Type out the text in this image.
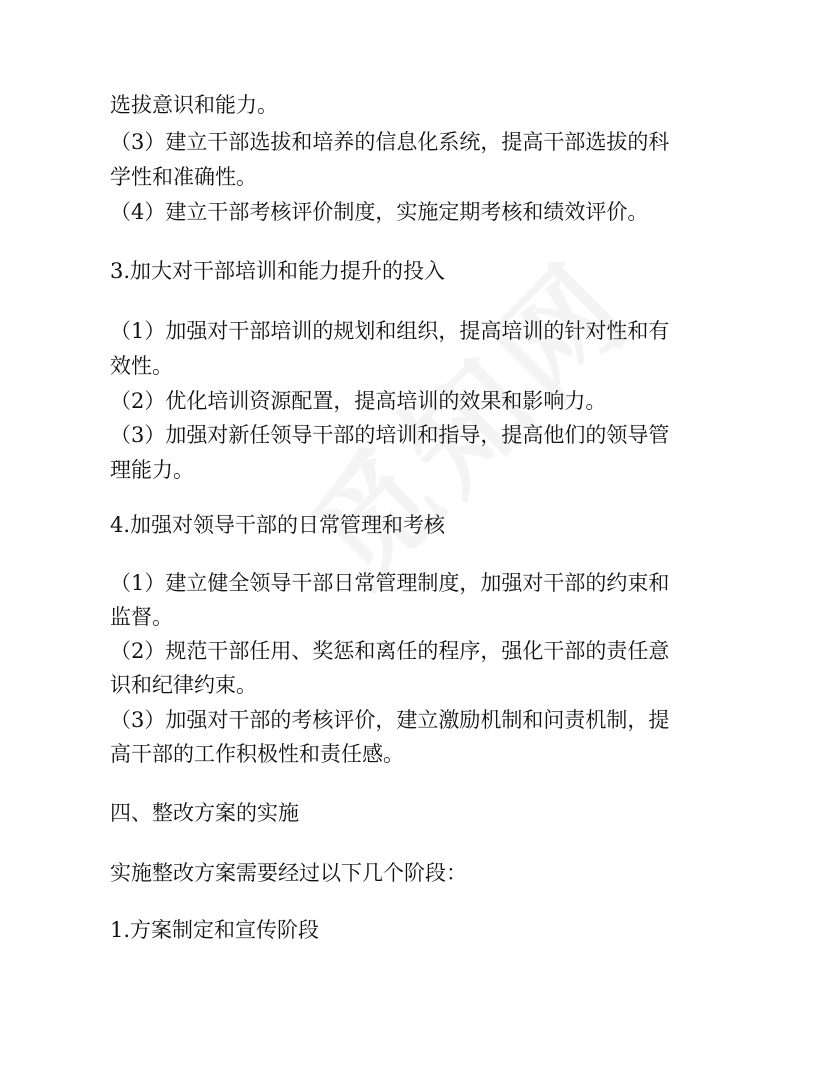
选拔意识和能力。

（3）建立干部选拔和培养的信息化系统，提高干部选拔的科

学性和准确性。

（4）建立干部考核评价制度，实施定期考核和绩效评价。

3.加大对干部培训和能力提升的投入

（1）加强对干部培训的规划和组织，提高培训的针对性和有

效性。

（2）优化培训资源配置，提高培训的效果和影响力。

（3）加强对新任领导干部的培训和指导，提高他们的领导管

理能力。

4.加强对领导干部的日常管理和考核

（1）建立健全领导干部日常管理制度，加强对干部的约束和

监督。

（2）规范干部任用、奖惩和离任的程序，强化干部的责任意

识和纪律约束。

（3）加强对干部的考核评价，建立激励机制和问责机制，提

高干部的工作积极性和责任感。

四、整改方案的实施

实施整改方案需要经过以下几个阶段：

1.方案制定和宣传阶段
